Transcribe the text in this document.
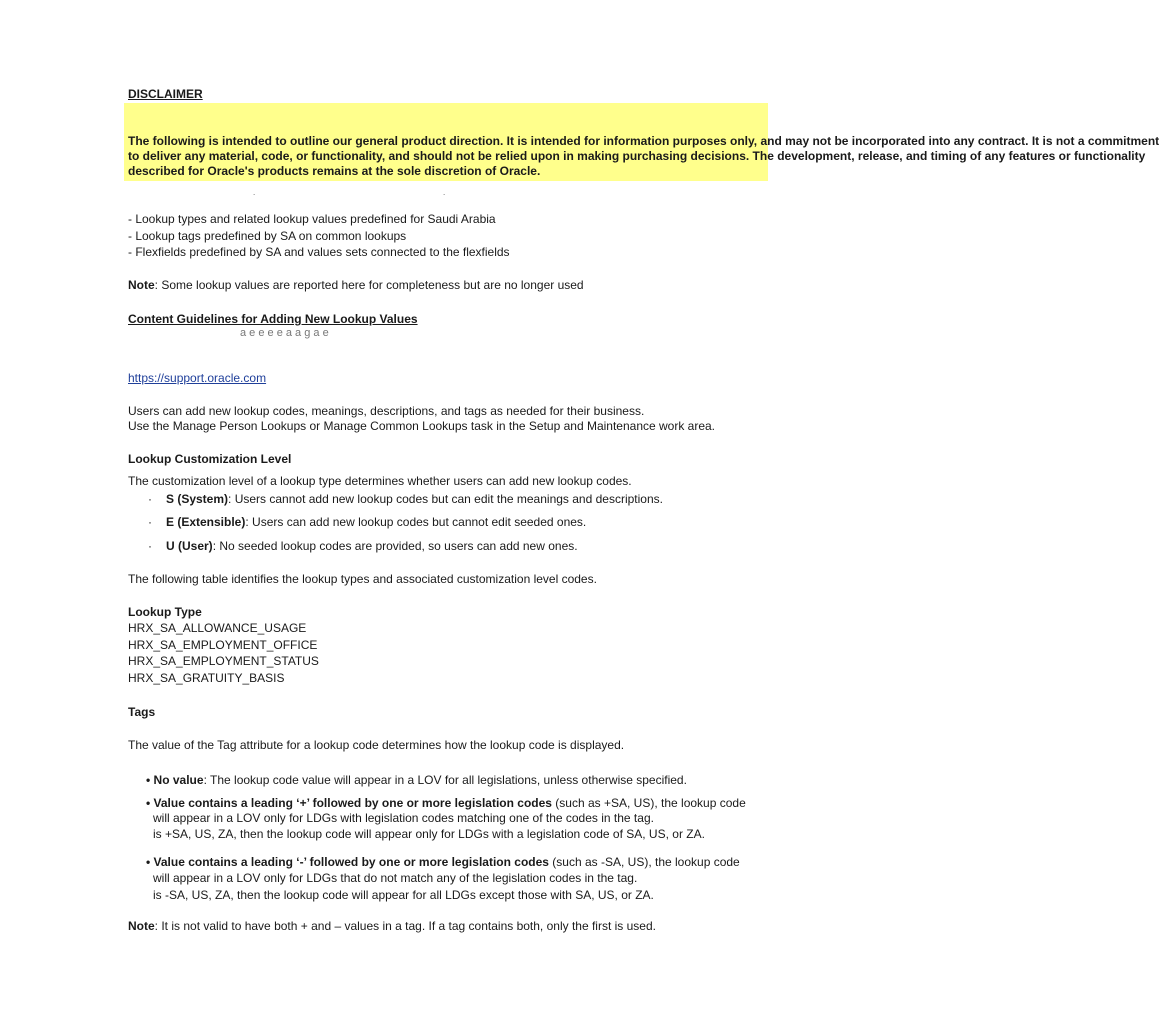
DISCLAIMER
The following is intended to outline our general product direction. It is intended for information purposes only, and may not be incorporated into any contract. It is not a commitment
to deliver any material, code, or functionality, and should not be relied upon in making purchasing decisions. The development, release, and timing of any features or functionality
described for Oracle's products remains at the sole discretion of Oracle.
.	.
- Lookup types and related lookup values predefined for Saudi Arabia
- Lookup tags predefined by SA on common lookups
- Flexfields predefined by SA and values sets connected to the flexfields
Note: Some lookup values are reported here for completeness but are no longer used
Content Guidelines for Adding New Lookup Values
a e e e e a a g a e
https://support.oracle.com
Users can add new lookup codes, meanings, descriptions, and tags as needed for their business.
Use the Manage Person Lookups or Manage Common Lookups task in the Setup and Maintenance work area.
Lookup Customization Level
The customization level of a lookup type determines whether users can add new lookup codes.
· S (System): Users cannot add new lookup codes but can edit the meanings and descriptions.
· E (Extensible): Users can add new lookup codes but cannot edit seeded ones.
· U (User): No seeded lookup codes are provided, so users can add new ones.
The following table identifies the lookup types and associated customization level codes.
Lookup Type
HRX_SA_ALLOWANCE_USAGE
HRX_SA_EMPLOYMENT_OFFICE
HRX_SA_EMPLOYMENT_STATUS
HRX_SA_GRATUITY_BASIS
Tags
The value of the Tag attribute for a lookup code determines how the lookup code is displayed.
• No value: The lookup code value will appear in a LOV for all legislations, unless otherwise specified.
• Value contains a leading ‘+’ followed by one or more legislation codes (such as +SA, US), the lookup code
will appear in a LOV only for LDGs with legislation codes matching one of the codes in the tag.
is +SA, US, ZA, then the lookup code will appear only for LDGs with a legislation code of SA, US, or ZA.
• Value contains a leading ‘-’ followed by one or more legislation codes (such as -SA, US), the lookup code
will appear in a LOV only for LDGs that do not match any of the legislation codes in the tag.
is -SA, US, ZA, then the lookup code will appear for all LDGs except those with SA, US, or ZA.
Note: It is not valid to have both + and – values in a tag. If a tag contains both, only the first is used.
